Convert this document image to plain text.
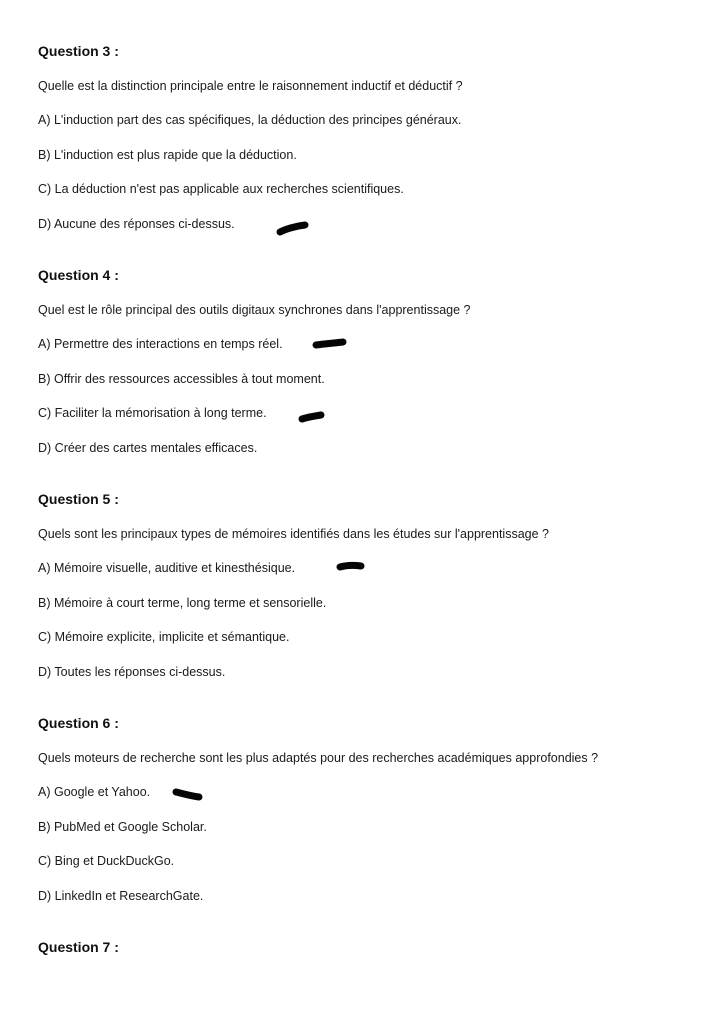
Question 3 :
Quelle est la distinction principale entre le raisonnement inductif et déductif ?
A) L'induction part des cas spécifiques, la déduction des principes généraux.
B) L'induction est plus rapide que la déduction.
C) La déduction n'est pas applicable aux recherches scientifiques.
D) Aucune des réponses ci-dessus.
Question 4 :
Quel est le rôle principal des outils digitaux synchrones dans l'apprentissage ?
A) Permettre des interactions en temps réel.
B) Offrir des ressources accessibles à tout moment.
C) Faciliter la mémorisation à long terme.
D) Créer des cartes mentales efficaces.
Question 5 :
Quels sont les principaux types de mémoires identifiés dans les études sur l'apprentissage ?
A) Mémoire visuelle, auditive et kinesthésique.
B) Mémoire à court terme, long terme et sensorielle.
C) Mémoire explicite, implicite et sémantique.
D) Toutes les réponses ci-dessus.
Question 6 :
Quels moteurs de recherche sont les plus adaptés pour des recherches académiques approfondies ?
A) Google et Yahoo.
B) PubMed et Google Scholar.
C) Bing et DuckDuckGo.
D) LinkedIn et ResearchGate.
Question 7 :
